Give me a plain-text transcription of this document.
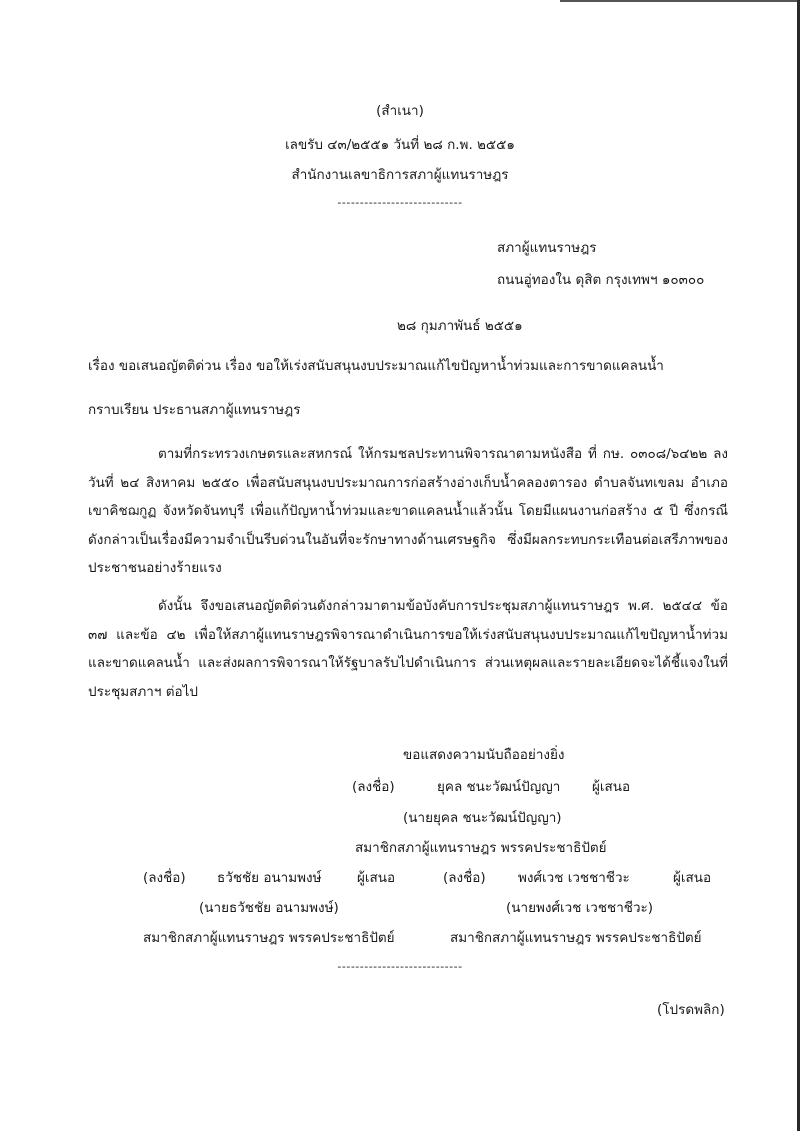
(สำเนา)
เลขรับ ๔๓/๒๕๕๑ วันที่ ๒๘ ก.พ. ๒๕๕๑
สำนักงานเลขาธิการสภาผู้แทนราษฎร
----------------------------
สภาผู้แทนราษฎร
ถนนอู่ทองใน ดุสิต กรุงเทพฯ ๑๐๓๐๐
๒๘ กุมภาพันธ์ ๒๕๕๑
เรื่อง ขอเสนอญัตติด่วน เรื่อง ขอให้เร่งสนับสนุนงบประมาณแก้ไขปัญหาน้ำท่วมและการขาดแคลนน้ำ
กราบเรียน ประธานสภาผู้แทนราษฎร
ตามที่กระทรวงเกษตรและสหกรณ์ ให้กรมชลประทานพิจารณาตามหนังสือ ที่ กษ. ๐๓๐๘/๖๔๒๒ ลงวันที่ ๒๔ สิงหาคม ๒๕๕๐ เพื่อสนับสนุนงบประมาณการก่อสร้างอ่างเก็บน้ำคลองตารอง ตำบลจันทเขลม อำเภอเขาคิชฌกูฏ จังหวัดจันทบุรี เพื่อแก้ปัญหาน้ำท่วมและขาดแคลนน้ำแล้วนั้น โดยมีแผนงานก่อสร้าง ๕ ปี ซึ่งกรณีดังกล่าวเป็นเรื่องมีความจำเป็นรีบด่วนในอันที่จะรักษาทางด้านเศรษฐกิจ ซึ่งมีผลกระทบกระเทือนต่อเสรีภาพของประชาชนอย่างร้ายแรง
ดังนั้น จึงขอเสนอญัตติด่วนดังกล่าวมาตามข้อบังคับการประชุมสภาผู้แทนราษฎร พ.ศ. ๒๕๔๔ ข้อ ๓๗ และข้อ ๔๒ เพื่อให้สภาผู้แทนราษฎรพิจารณาดำเนินการขอให้เร่งสนับสนุนงบประมาณแก้ไขปัญหาน้ำท่วมและขาดแคลนน้ำ และส่งผลการพิจารณาให้รัฐบาลรับไปดำเนินการ ส่วนเหตุผลและรายละเอียดจะได้ชี้แจงในที่ประชุมสภาฯ ต่อไป
ขอแสดงความนับถืออย่างยิ่ง
(ลงชื่อ)	ยุคล ชนะวัฒน์ปัญญา ผู้เสนอ
(นายยุคล ชนะวัฒน์ปัญญา)
สมาชิกสภาผู้แทนราษฎร พรรคประชาธิปัตย์
(ลงชื่อ) ธวัชชัย อนามพงษ์	ผู้เสนอ	(ลงชื่อ) พงศ์เวช เวชชาชีวะ	ผู้เสนอ
(นายธวัชชัย อนามพงษ์)	(นายพงศ์เวช เวชชาชีวะ)
สมาชิกสภาผู้แทนราษฎร พรรคประชาธิปัตย์	สมาชิกสภาผู้แทนราษฎร พรรคประชาธิปัตย์
----------------------------
(โปรดพลิก)
